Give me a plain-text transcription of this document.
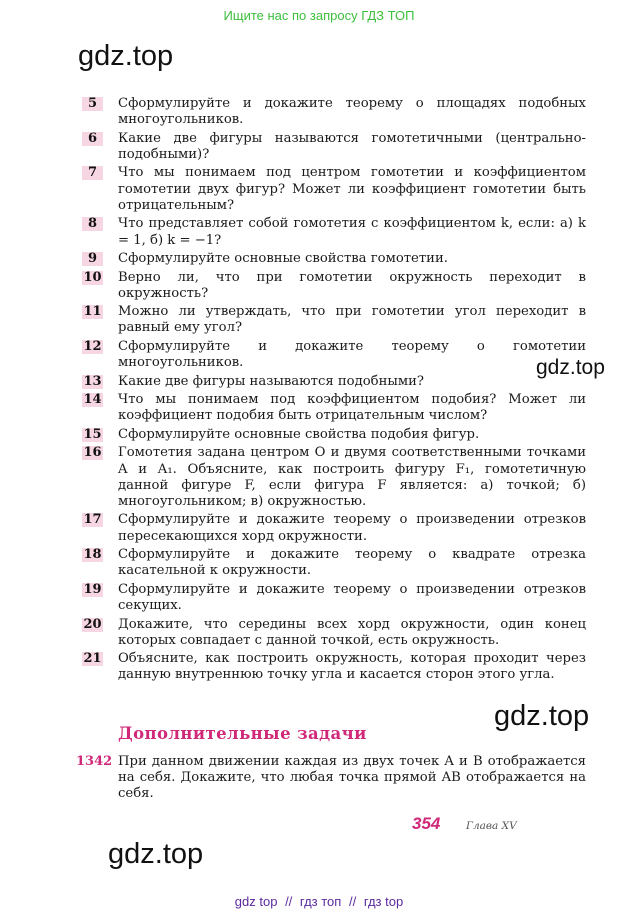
Ищите нас по запросу ГДЗ ТОП
gdz.top
gdz.top
gdz.top
gdz.top
5	Сформулируйте и докажите теорему о площадях подобных многоугольников.
6	Какие две фигуры называются гомотетичными (центрально-подобными)?
7	Что мы понимаем под центром гомотетии и коэффициентом гомотетии двух фигур? Может ли коэффициент гомотетии быть отрицательным?
8	Что представляет собой гомотетия с коэффициентом k, если: а) k = 1, б) k = −1?
9	Сформулируйте основные свойства гомотетии.
10 Верно ли, что при гомотетии окружность переходит в окружность?
11 Можно ли утверждать, что при гомотетии угол переходит в равный ему угол?
12 Сформулируйте и докажите теорему о гомотетии многоугольников.
13 Какие две фигуры называются подобными?
14 Что мы понимаем под коэффициентом подобия? Может ли коэффициент подобия быть отрицательным числом?
15 Сформулируйте основные свойства подобия фигур.
16 Гомотетия задана центром O и двумя соответственными точками A и A₁. Объясните, как построить фигуру F₁, гомотетичную данной фигуре F, если фигура F является: а) точкой; б) многоугольником; в) окружностью.
17 Сформулируйте и докажите теорему о произведении отрезков пересекающихся хорд окружности.
18 Сформулируйте и докажите теорему о квадрате отрезка касательной к окружности.
19 Сформулируйте и докажите теорему о произведении отрезков секущих.
20 Докажите, что середины всех хорд окружности, один конец которых совпадает с данной точкой, есть окружность.
21 Объясните, как построить окружность, которая проходит через данную внутреннюю точку угла и касается сторон этого угла.
Дополнительные задачи
1342 При данном движении каждая из двух точек A и B отображается на себя. Докажите, что любая точка прямой AB отображается на себя.
354 Глава XV
gdz top // гдз топ // гдз top
